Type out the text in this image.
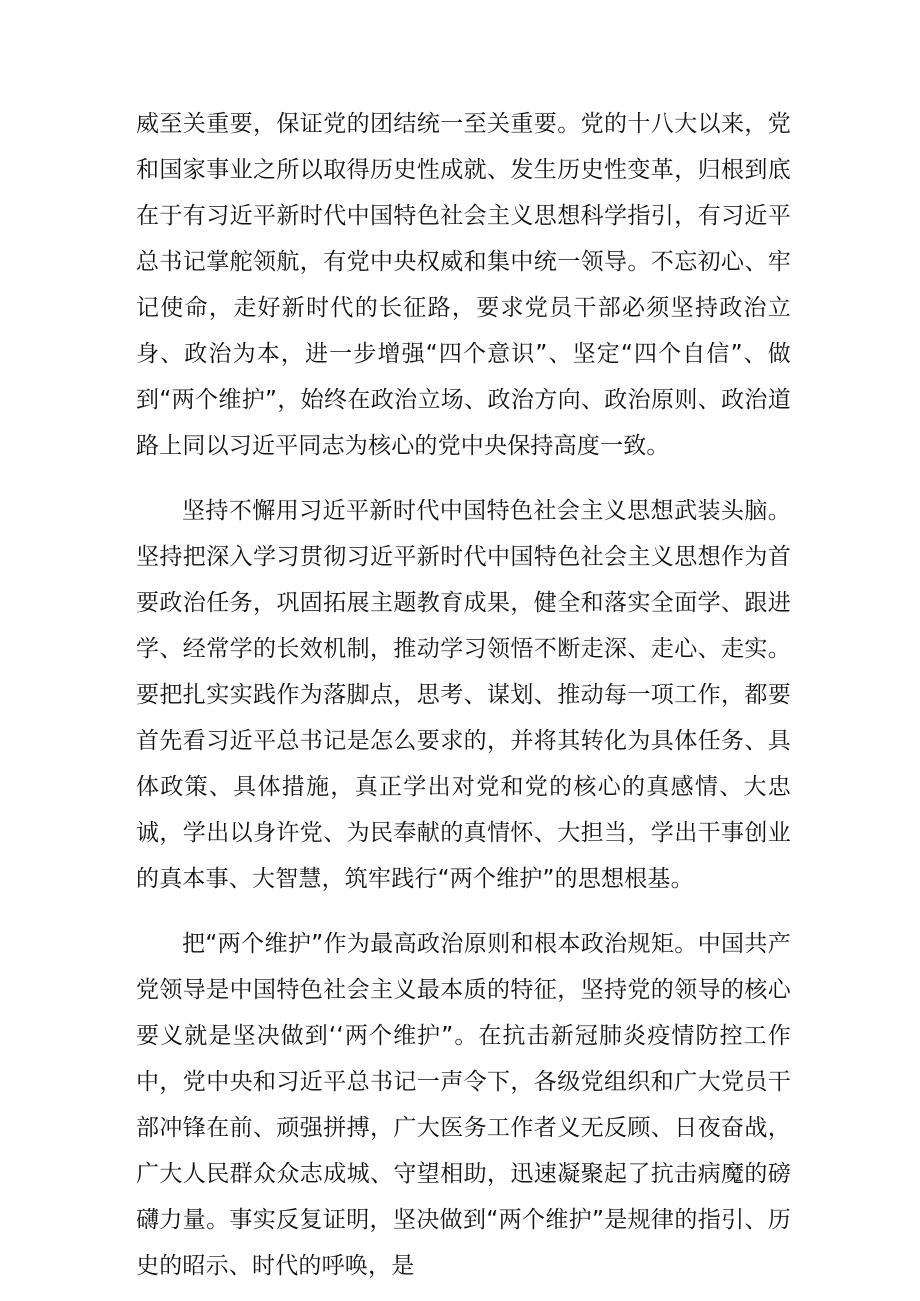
威至关重要，保证党的团结统一至关重要。党的十八大以来，党和国家事业之所以取得历史性成就、发生历史性变革，归根到底在于有习近平新时代中国特色社会主义思想科学指引，有习近平总书记掌舵领航，有党中央权威和集中统一领导。不忘初心、牢记使命，走好新时代的长征路，要求党员干部必须坚持政治立身、政治为本，进一步增强“四个意识”、坚定“四个自信”、做到“两个维护”，始终在政治立场、政治方向、政治原则、政治道路上同以习近平同志为核心的党中央保持高度一致。

坚持不懈用习近平新时代中国特色社会主义思想武装头脑。坚持把深入学习贯彻习近平新时代中国特色社会主义思想作为首要政治任务，巩固拓展主题教育成果，健全和落实全面学、跟进学、经常学的长效机制，推动学习领悟不断走深、走心、走实。要把扎实实践作为落脚点，思考、谋划、推动每一项工作，都要首先看习近平总书记是怎么要求的，并将其转化为具体任务、具体政策、具体措施，真正学出对党和党的核心的真感情、大忠诚，学出以身许党、为民奉献的真情怀、大担当，学出干事创业的真本事、大智慧，筑牢践行“两个维护”的思想根基。

把“两个维护”作为最高政治原则和根本政治规矩。中国共产党领导是中国特色社会主义最本质的特征，坚持党的领导的核心要义就是坚决做到‘‘两个维护”。在抗击新冠肺炎疫情防控工作中，党中央和习近平总书记一声令下，各级党组织和广大党员干部冲锋在前、顽强拼搏，广大医务工作者义无反顾、日夜奋战，广大人民群众众志成城、守望相助，迅速凝聚起了抗击病魔的磅礴力量。事实反复证明，坚决做到“两个维护”是规律的指引、历史的昭示、时代的呼唤，是
